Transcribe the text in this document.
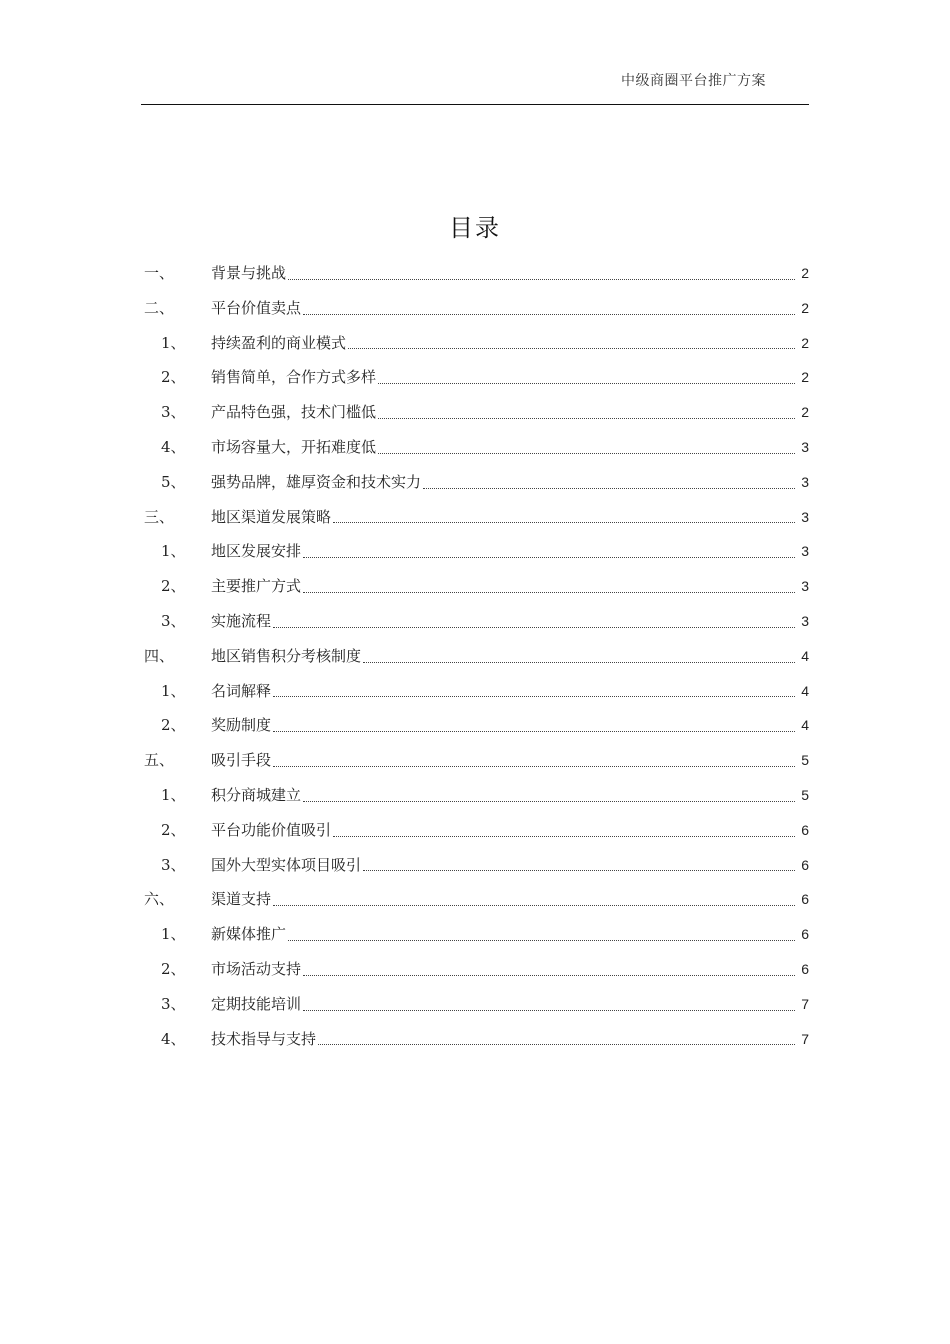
中级商圈平台推广方案
目录
一、	背景与挑战	2
二、	平台价值卖点	2
1、	持续盈利的商业模式	2
2、	销售简单，合作方式多样	2
3、	产品特色强，技术门槛低	2
4、	市场容量大，开拓难度低	3
5、	强势品牌，雄厚资金和技术实力	3
三、	地区渠道发展策略	3
1、	地区发展安排	3
2、	主要推广方式	3
3、	实施流程	3
四、	地区销售积分考核制度	4
1、	名词解释	4
2、	奖励制度	4
五、	吸引手段	5
1、	积分商城建立	5
2、	平台功能价值吸引	6
3、	国外大型实体项目吸引	6
六、	渠道支持	6
1、	新媒体推广	6
2、	市场活动支持	6
3、	定期技能培训	7
4、	技术指导与支持	7
